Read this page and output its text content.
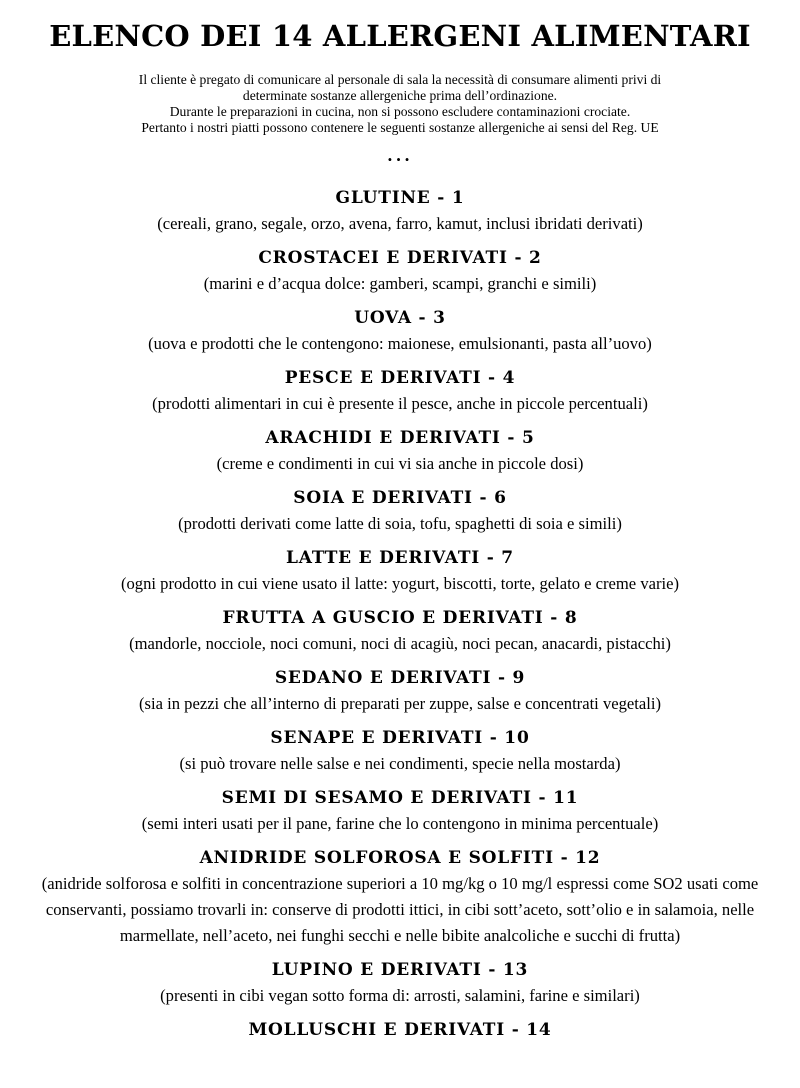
ELENCO DEI 14 ALLERGENI ALIMENTARI

Il cliente è pregato di comunicare al personale di sala la necessità di consumare alimenti privi di

determinate sostanze allergeniche prima dell’ordinazione.

Durante le preparazioni in cucina, non si possono escludere contaminazioni crociate.

Pertanto i nostri piatti possono contenere le seguenti sostanze allergeniche ai sensi del Reg. UE

...
GLUTINE - 1
(cereali, grano, segale, orzo, avena, farro, kamut, inclusi ibridati derivati)
CROSTACEI E DERIVATI - 2
(marini e d’acqua dolce: gamberi, scampi, granchi e simili)
UOVA - 3
(uova e prodotti che le contengono: maionese, emulsionanti, pasta all’uovo)
PESCE E DERIVATI - 4
(prodotti alimentari in cui è presente il pesce, anche in piccole percentuali)
ARACHIDI E DERIVATI - 5
(creme e condimenti in cui vi sia anche in piccole dosi)
SOIA E DERIVATI - 6
(prodotti derivati come latte di soia, tofu, spaghetti di soia e simili)
LATTE E DERIVATI - 7
(ogni prodotto in cui viene usato il latte: yogurt, biscotti, torte, gelato e creme varie)
FRUTTA A GUSCIO E DERIVATI - 8
(mandorle, nocciole, noci comuni, noci di acagiù, noci pecan, anacardi, pistacchi)
SEDANO E DERIVATI - 9
(sia in pezzi che all’interno di preparati per zuppe, salse e concentrati vegetali)
SENAPE E DERIVATI - 10
(si può trovare nelle salse e nei condimenti, specie nella mostarda)
SEMI DI SESAMO E DERIVATI - 11
(semi interi usati per il pane, farine che lo contengono in minima percentuale)
ANIDRIDE SOLFOROSA E SOLFITI - 12
(anidride solforosa e solfiti in concentrazione superiori a 10 mg/kg o 10 mg/l espressi come SO2 usati come conservanti, possiamo trovarli in: conserve di prodotti ittici, in cibi sott’aceto, sott’olio e in salamoia, nelle marmellate, nell’aceto, nei funghi secchi e nelle bibite analcoliche e succhi di frutta)
LUPINO E DERIVATI - 13
(presenti in cibi vegan sotto forma di: arrosti, salamini, farine e similari)
MOLLUSCHI E DERIVATI - 14
